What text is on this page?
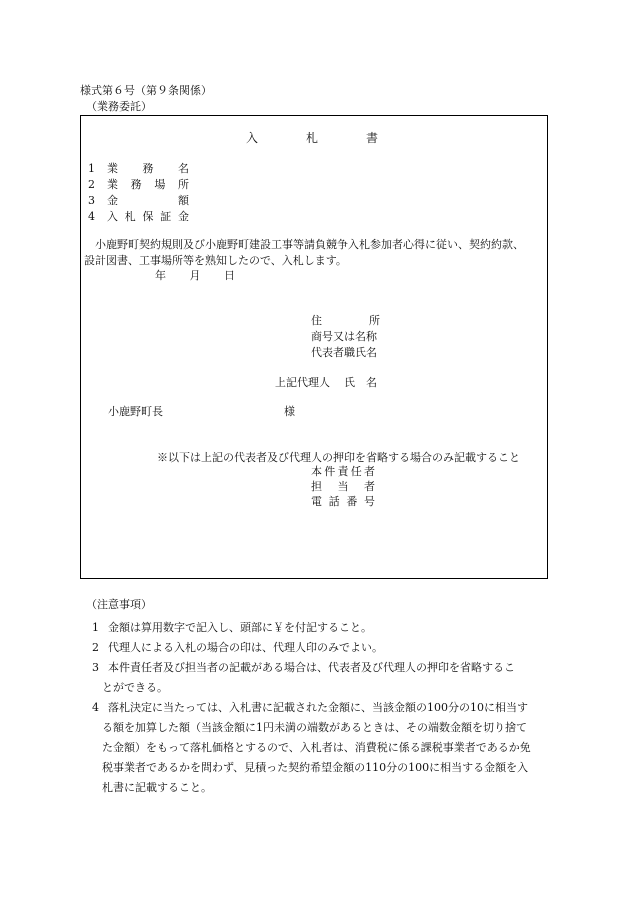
様式第６号（第９条関係）
（業務委託）
入	札	書
1 業 務 名
2 業 務 場 所
3 金	額
4 入 札 保 証 金
小鹿野町契約規則及び小鹿野町建設工事等請負競争入札参加者心得に従い、契約約款、
設計図書、工事場所等を熟知したので、入札します。
年 月 日
住	所
商号又は名称
代表者職氏名
上記代理人 氏　名
小鹿野町長	様
※以下は上記の代表者及び代理人の押印を省略する場合のみ記載すること
本 件 責 任 者
担 当 者
電 話 番 号
（注意事項）
1 金額は算用数字で記入し、頭部に￥を付記すること。
2 代理人による入札の場合の印は、代理人印のみでよい。
3 本件責任者及び担当者の記載がある場合は、代表者及び代理人の押印を省略するこ
とができる。
4 落札決定に当たっては、入札書に記載された金額に、当該金額の100分の10に相当す
る額を加算した額（当該金額に1円未満の端数があるときは、その端数金額を切り捨て
た金額）をもって落札価格とするので、入札者は、消費税に係る課税事業者であるか免
税事業者であるかを問わず、見積った契約希望金額の110分の100に相当する金額を入
札書に記載すること。
